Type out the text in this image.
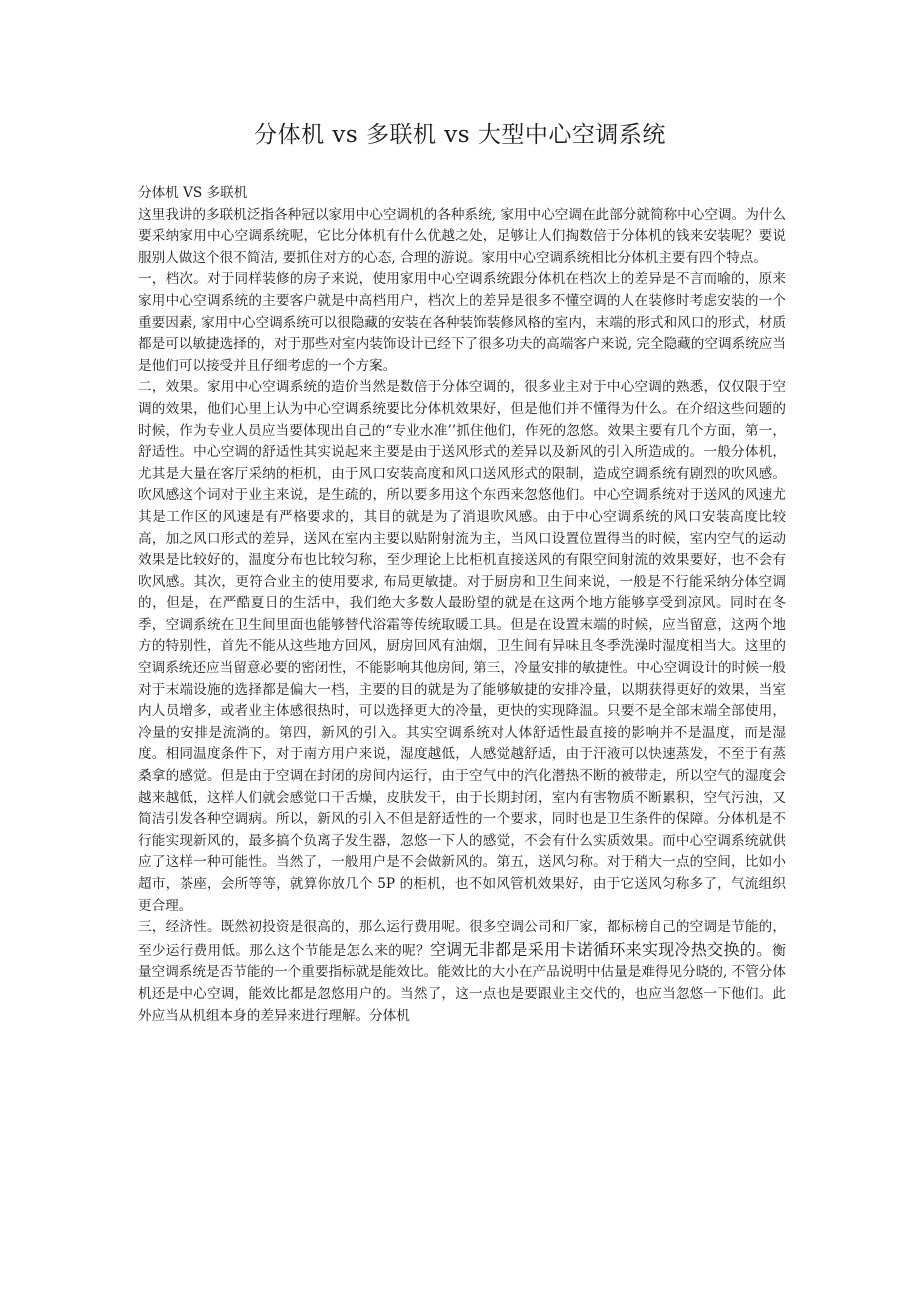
分体机 vs 多联机 vs 大型中心空调系统

分体机 VS 多联机

这里我讲的多联机泛指各种冠以家用中心空调机的各种系统, 家用中心空调在此部分就简称中心空调。为什么要采纳家用中心空调系统呢，它比分体机有什么优越之处，足够让人们掏数倍于分体机的钱来安装呢？要说服别人做这个很不简洁, 要抓住对方的心态, 合理的游说。家用中心空调系统相比分体机主要有四个特点。

一，档次。对于同样装修的房子来说，使用家用中心空调系统跟分体机在档次上的差异是不言而喻的，原来家用中心空调系统的主要客户就是中高档用户，档次上的差异是很多不懂空调的人在装修时考虑安装的一个重要因素, 家用中心空调系统可以很隐藏的安装在各种装饰装修风格的室内，末端的形式和风口的形式，材质都是可以敏捷选择的，对于那些对室内装饰设计已经下了很多功夫的高端客户来说, 完全隐藏的空调系统应当是他们可以接受并且仔细考虑的一个方案。

二，效果。家用中心空调系统的造价当然是数倍于分体空调的，很多业主对于中心空调的熟悉，仅仅限于空调的效果，他们心里上认为中心空调系统要比分体机效果好，但是他们并不懂得为什么。在介绍这些问题的时候，作为专业人员应当要体现出自己的“专业水准’’抓住他们，作死的忽悠。效果主要有几个方面，第一，舒适性。中心空调的舒适性其实说起来主要是由于送风形式的差异以及新风的引入所造成的。一般分体机，尤其是大量在客厅采纳的柜机，由于风口安装高度和风口送风形式的限制，造成空调系统有剧烈的吹风感。吹风感这个词对于业主来说，是生疏的，所以要多用这个东西来忽悠他们。中心空调系统对于送风的风速尤其是工作区的风速是有严格要求的，其目的就是为了消退吹风感。由于中心空调系统的风口安装高度比较高，加之风口形式的差异，送风在室内主要以贴附射流为主，当风口设置位置得当的时候，室内空气的运动效果是比较好的，温度分布也比较匀称，至少理论上比柜机直接送风的有限空间射流的效果要好，也不会有吹风感。其次，更符合业主的使用要求, 布局更敏捷。对于厨房和卫生间来说，一般是不行能采纳分体空调的，但是，在严酷夏日的生活中，我们绝大多数人最盼望的就是在这两个地方能够享受到凉风。同时在冬季，空调系统在卫生间里面也能够替代浴霜等传统取暖工具。但是在设置末端的时候，应当留意，这两个地方的特别性，首先不能从这些地方回风，厨房回风有油烟，卫生间有异味且冬季洗澡时湿度相当大。这里的空调系统还应当留意必要的密闭性，不能影响其他房间, 第三，冷量安排的敏捷性。中心空调设计的时候一般对于末端设施的选择都是偏大一档，主要的目的就是为了能够敏捷的安排冷量，以期获得更好的效果，当室内人员增多，或者业主体感很热时，可以选择更大的冷量，更快的实现降温。只要不是全部末端全部使用，冷量的安排是流淌的。第四，新风的引入。其实空调系统对人体舒适性最直接的影响并不是温度，而是湿度。相同温度条件下，对于南方用户来说，湿度越低，人感觉越舒适，由于汗液可以快速蒸发，不至于有蒸桑拿的感觉。但是由于空调在封闭的房间内运行，由于空气中的汽化潜热不断的被带走，所以空气的湿度会越来越低，这样人们就会感觉口干舌燥，皮肤发干，由于长期封闭，室内有害物质不断累积，空气污浊，又简洁引发各种空调病。所以，新风的引入不但是舒适性的一个要求，同时也是卫生条件的保障。分体机是不行能实现新风的，最多搞个负离子发生器，忽悠一下人的感觉，不会有什么实质效果。而中心空调系统就供应了这样一种可能性。当然了，一般用户是不会做新风的。第五，送风匀称。对于稍大一点的空间，比如小超市，茶座，会所等等，就算你放几个 5P 的柜机，也不如风管机效果好，由于它送风匀称多了，气流组织更合理。

三，经济性。既然初投资是很高的，那么运行费用呢。很多空调公司和厂家，都标榜自己的空调是节能的，至少运行费用低。那么这个节能是怎么来的呢？空调无非都是采用卡诺循环来实现冷热交换的。衡量空调系统是否节能的一个重要指标就是能效比。能效比的大小在产品说明中估量是难得见分晓的, 不管分体机还是中心空调，能效比都是忽悠用户的。当然了，这一点也是要跟业主交代的，也应当忽悠一下他们。此外应当从机组本身的差异来进行理解。分体机
